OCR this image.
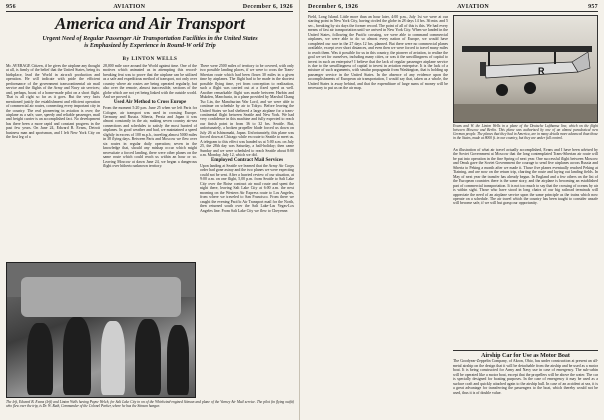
956	AVIATION	December 6, 1926
America and Air Transport
Urgent Need of Regular Passenger Air Transportation Facilities in the United States
is Emphasized by Experience in Round-W orld Trip
By LINTON WELLS

Mr. AVERAGE Citizen, if he gives the airplane any thought at all, is firmly of the belief that the United States, being its birthplace, lead the World in aircraft production and operation. He will indicate with pride the efficient performance of the government transcontinental air mail service and the flights of the Army and Navy air services; and, perhaps, boast of a home-made pilot on a short flight. That is all right so far as it goes. But the very facts mentioned justify the establishment and efficient operation of commercial air routes, connecting every important city in the country. The real pioneering in aviation is over; the airplane as a safe, sure, speedy and reliable passenger, mail and freight carrier is an accomplished fact. No development has there been a more rapid and constant progress in the past few years. On June 24, Edward B. Evans, Detroit business man and sportsman, and I left New York City on the first leg of a

28,000 mile race around the World against time. One of the motives which animated us in attempting this record-breaking feat was to prove that the airplane can be utilized as a safe and expeditious method of transport, not only over country where air routes are being operated regularly, but also over the remote, almost inaccessible, sections of the globe which are not yet being linked with the outside world. And we proved it.

Used Air Method to Cross Europe

From the moment 5:20 p.m. June 25 when we left Paris for Cologne, air transport was used in crossing Europe. Germany and Russia. Siberia, Persia and Japan it was almost constantly in the air, making seven country air-sea connections and schedules to satisfy the most hurried of airplanes. In good weather and bad, we maintained a speed slightly in excess of 100 m.p.h., traveling almost 5000 miles in 38 flying days. Between Paris and Moscow we flew over six routes in regular daily operation; seven in the knowledge that, should any mishap occur which might necessitate a forced landing, there were other planes on the same route which could reach us within an hour or so. Leaving Moscow at dawn June 24, we began a dangerous flight over hitherto unknown territory.

There were 2500 miles of territory to be covered, with only two possible landing places, if we were to cross the Trans-Siberian route which had been flown 30 miles in a given time by airplanes. The flight had to be made in the shortest possible flying time, yet from conception to realization, such a flight was carried out at a fixed speed as well. Another remarkable flight was made between Harbin and Mukden, Manchuria, in a plane provided by Marshal Chang Tso Lin, the Manchurian War Lord, and we were able to continue on schedule by air to Tokyo. Before leaving the United States we had sheltered a large airplane for a trans-continental flight between Seattle and New York. We had very confidence in this machine and fully expected to reach our finish point in from 36 to 32 hrs. Seattle. But, unfortunately, a broken propeller blade forced us down on July 26 at Ishinomaki, Japan. Unfortunately, this plane was forced down at Chicago while en route to Seattle to meet us. A telegram to this effect was handed us at 5:00 a.m. on July 25, the 28th day was Saturday, a half-holiday; then came Sunday and we were scheduled to reach Seattle about 8:00 a.m. Monday, July 12, which we did.

Employed Contract Mail Services

Upon landing at Seattle we learned that the Army Air Corps order had gone astray and the two planes we were expecting could not be sent. After a hurried review of our situation, at 9:00 a.m. on one flight, 5,00 p.m. from Seattle to Salt Lake City over the Boise contract air mail route and spent the night there, leaving Salt Lake City at 6:00 a.m. the next morning on the Western Air Express route to Los Angeles, from where we traveled to San Francisco. From there we caught the evening Pacific Air Transport mail for the North, then returned south over the Salt Lake-Las Vegas-Los Angeles line. From Salt Lake City we flew to Cheyenne.

The left, Edward B. Evans (left) and Linton Wells having Payne Welch, for Salt Lake City in on of the Whirlwind-engined Stinson and plane of the Varney Air Mail service. The pilot (in flying outfit) who flew over the trip, is Dr. W. Ruth, Commander of the Colonel Parker, where he has the Stinson hangar.
December 6, 1926	AVIATION	957

Field, Long Island. Little more than an hour later, 4:00 p.m., July 1st we were at our starting point in New York City, having circled the globe in 28 days 14 hrs. 36 min. and 5 sec., breaking by six days the former record. The point of all of this is this. We had every means of fast air transportation until we arrived in New York City. When we landed in the United States, following the Pacific crossing, we were able to command commercial airplanes, we were able to do so almost every nation of Europe, we would have completed our race in the 27 days 12 hrs. planned. But there were no commercial planes available, except over short distances, and even then we were forced to travel many miles to reach them. Was it possible for us in this country, the pioneer of aviation, to realize the goal we set for ourselves, including many cities, or was it the unwillingness of capital to invest in such an enterprise? I believe that the lack of regular passenger airplane service is due to the unwillingness of capital to invest in aviation enterprise. It is the lack of a mixture of such arguments, with similar propaganda from Washington, that is holding up passenger service in the United States. In the absence of any evidence upon the accomplishments of European air transportation, I would say that, taken as a whole, the United States is away behind, and that the expenditure of large sums of money will be necessary to put us on the air map.

R
Evans and W. the Linton Wells in a plane of the Deutsche Lufthansa line, which on the flight between Moscow and Berlin. This plane was authorized by one of an almost paradoxical new German people. The planes that they had in America, are in many details more advanced than those in the States, made at 8000 ft. in our country, but they are under full control.

An illustration of what air travel actually accomplished, Evans and I have been advised by the Soviet Government at Moscow that the long contemplated Trans-Siberian air route will be put into operation in the fine Spring of next year. One successful flight between Moscow and Omsk gave the Soviet Government the courage to send five airplanes across Russia and Siberia to Peking a month after we made it. Those five planes eventually reached Peking at Tiaining, and are now on the return trip, charting the route and laying out landing fields. In May of next year the transfer has already begun. In England and a few others on the list of the European countries there is the same story, and the airplane is becoming an established part of commercial transportation. It is not too much to say that the crossing of oceans by air is within sight. Those who have stood in long chairs of our big railroad terminals will appreciate the need of an airplane service upon the same principle as the trains which now operate on a schedule. The air travel which the country has been taught to consider unsafe will become safe, if we will but grasp our opportunity.

Airship Car for Use as Motor Boat

The Goodyear-Zeppelin Company, of Akron, Ohio, has under construction at present an all-metal airship on the design that it will be detachable from the airship and be used as a motor boat. It is being constructed for Army and Navy use in case of emergency. The sub-cabin will be operated like a motor boat, except that the propellers will be above the water. The car is specially designed for boating purposes. In the case of emergency it may be used as a surface craft and quickly attached again to the airship hull. In case of an accident at sea, it is a great advantage for transferring the passengers to the boat, which thereby would not be used, thus it is of double value.
